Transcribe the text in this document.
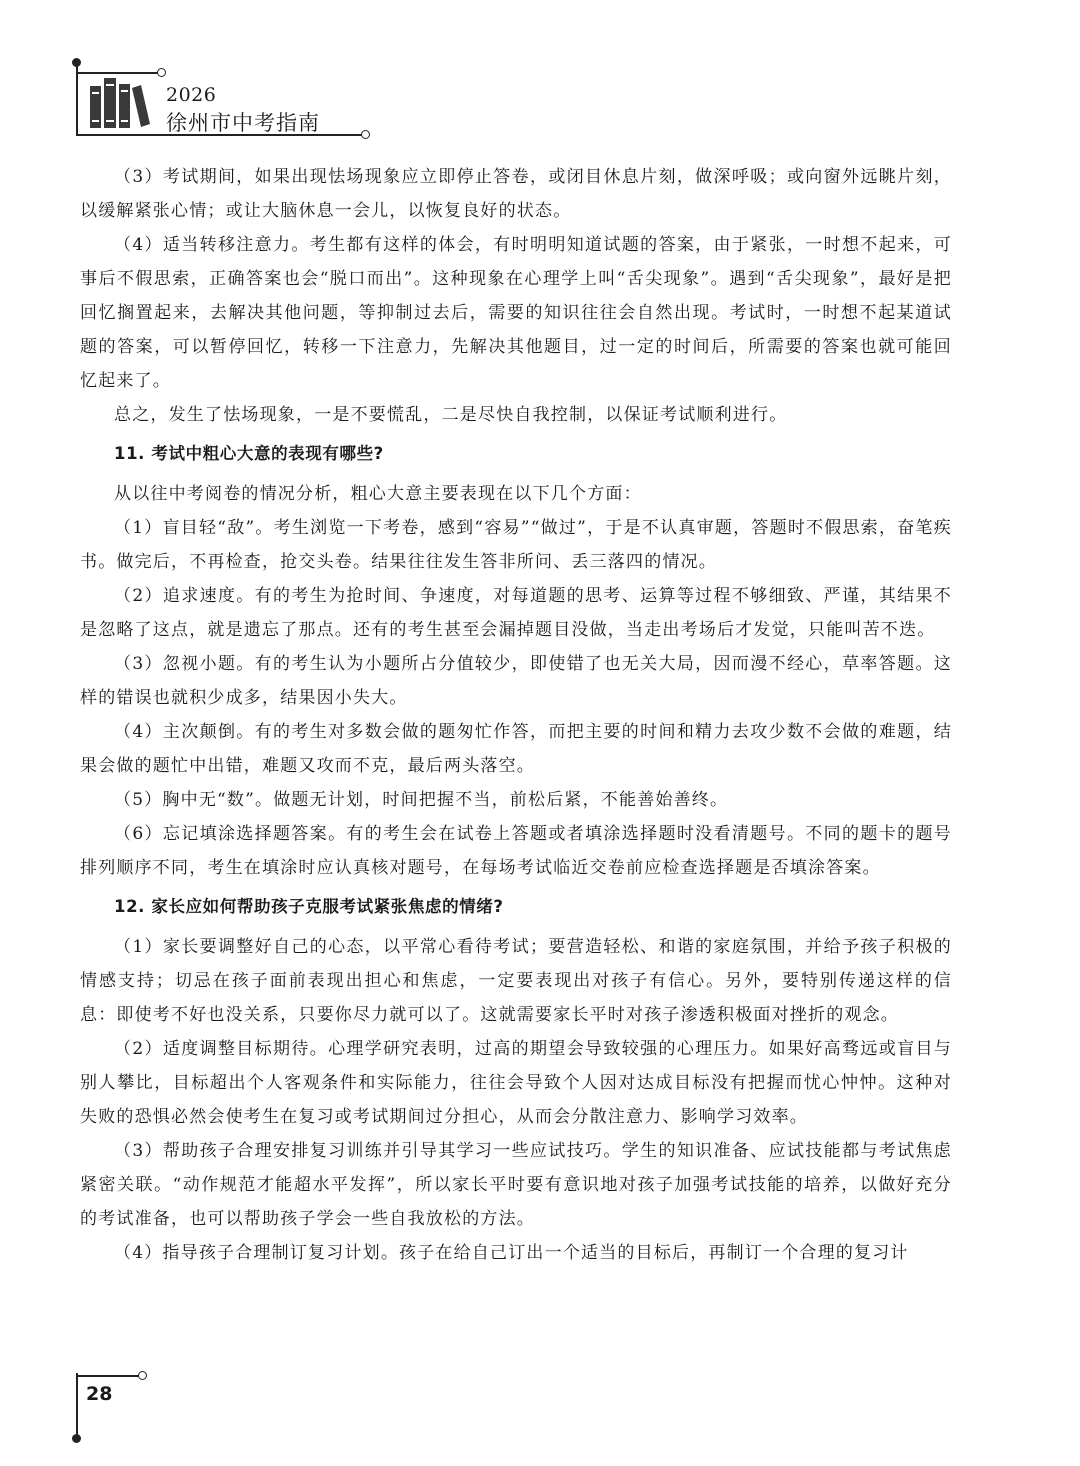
2026
徐州市中考指南

（3）考试期间，如果出现怯场现象应立即停止答卷，或闭目休息片刻，做深呼吸；或向窗外远眺片刻，以缓解紧张心情；或让大脑休息一会儿，以恢复良好的状态。

（4）适当转移注意力。考生都有这样的体会，有时明明知道试题的答案，由于紧张，一时想不起来，可事后不假思索，正确答案也会“脱口而出”。这种现象在心理学上叫“舌尖现象”。遇到“舌尖现象”，最好是把回忆搁置起来，去解决其他问题，等抑制过去后，需要的知识往往会自然出现。考试时，一时想不起某道试题的答案，可以暂停回忆，转移一下注意力，先解决其他题目，过一定的时间后，所需要的答案也就可能回忆起来了。

总之，发生了怯场现象，一是不要慌乱，二是尽快自我控制，以保证考试顺利进行。

11. 考试中粗心大意的表现有哪些?

从以往中考阅卷的情况分析，粗心大意主要表现在以下几个方面：

（1）盲目轻“敌”。考生浏览一下考卷，感到“容易”“做过”，于是不认真审题，答题时不假思索，奋笔疾书。做完后，不再检查，抢交头卷。结果往往发生答非所问、丢三落四的情况。

（2）追求速度。有的考生为抢时间、争速度，对每道题的思考、运算等过程不够细致、严谨，其结果不是忽略了这点，就是遗忘了那点。还有的考生甚至会漏掉题目没做，当走出考场后才发觉，只能叫苦不迭。

（3）忽视小题。有的考生认为小题所占分值较少，即使错了也无关大局，因而漫不经心，草率答题。这样的错误也就积少成多，结果因小失大。

（4）主次颠倒。有的考生对多数会做的题匆忙作答，而把主要的时间和精力去攻少数不会做的难题，结果会做的题忙中出错，难题又攻而不克，最后两头落空。

（5）胸中无“数”。做题无计划，时间把握不当，前松后紧，不能善始善终。

（6）忘记填涂选择题答案。有的考生会在试卷上答题或者填涂选择题时没看清题号。不同的题卡的题号排列顺序不同，考生在填涂时应认真核对题号，在每场考试临近交卷前应检查选择题是否填涂答案。

12. 家长应如何帮助孩子克服考试紧张焦虑的情绪?

（1）家长要调整好自己的心态，以平常心看待考试；要营造轻松、和谐的家庭氛围，并给予孩子积极的情感支持；切忌在孩子面前表现出担心和焦虑，一定要表现出对孩子有信心。另外，要特别传递这样的信息：即使考不好也没关系，只要你尽力就可以了。这就需要家长平时对孩子渗透积极面对挫折的观念。

（2）适度调整目标期待。心理学研究表明，过高的期望会导致较强的心理压力。如果好高骛远或盲目与别人攀比，目标超出个人客观条件和实际能力，往往会导致个人因对达成目标没有把握而忧心忡忡。这种对失败的恐惧必然会使考生在复习或考试期间过分担心，从而会分散注意力、影响学习效率。

（3）帮助孩子合理安排复习训练并引导其学习一些应试技巧。学生的知识准备、应试技能都与考试焦虑紧密关联。“动作规范才能超水平发挥”，所以家长平时要有意识地对孩子加强考试技能的培养，以做好充分的考试准备，也可以帮助孩子学会一些自我放松的方法。

（4）指导孩子合理制订复习计划。孩子在给自己订出一个适当的目标后，再制订一个合理的复习计

28
